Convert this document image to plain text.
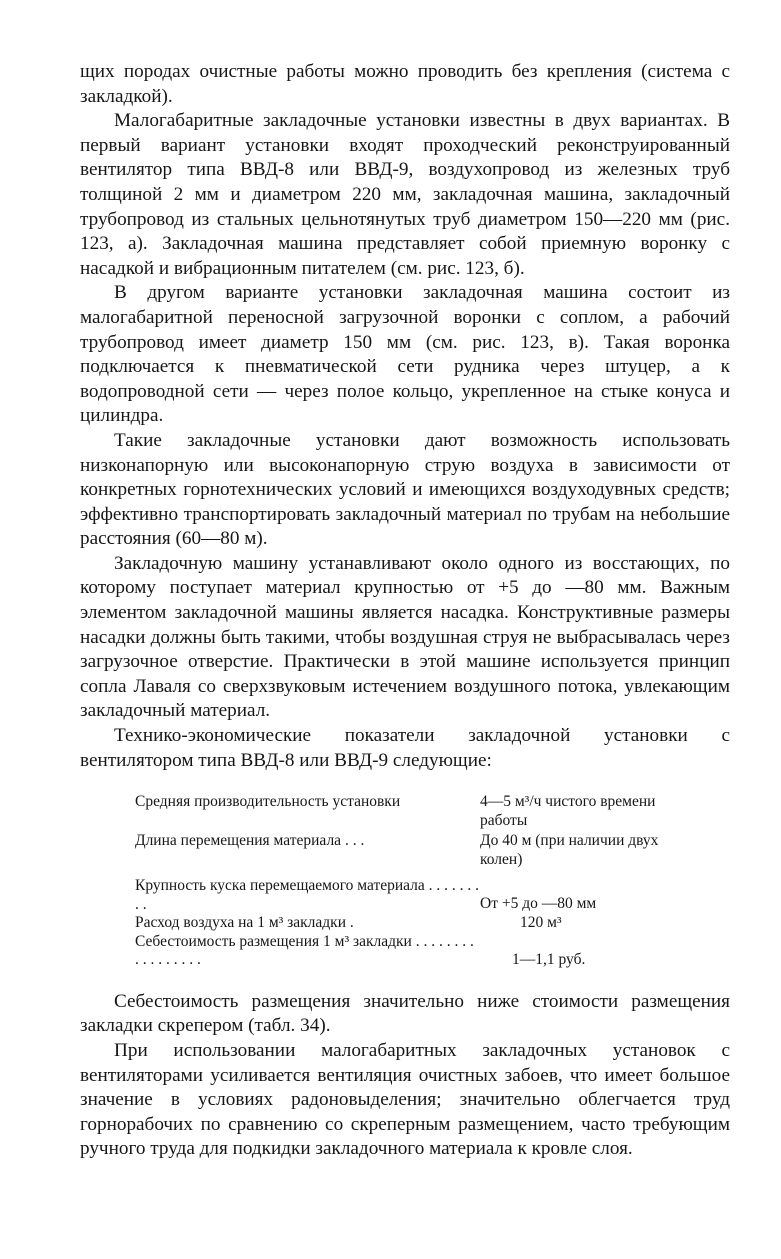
щих породах очистные работы можно проводить без крепления (система с закладкой).

Малогабаритные закладочные установки известны в двух вариантах. В первый вариант установки входят проходческий реконструированный вентилятор типа ВВД-8 или ВВД-9, воздухопровод из железных труб толщиной 2 мм и диаметром 220 мм, закладочная машина, закладочный трубопровод из стальных цельнотянутых труб диаметром 150—220 мм (рис. 123, а). Закладочная машина представляет собой приемную воронку с насадкой и вибрационным питателем (см. рис. 123, б).

В другом варианте установки закладочная машина состоит из малогабаритной переносной загрузочной воронки с соплом, а рабочий трубопровод имеет диаметр 150 мм (см. рис. 123, в). Такая воронка подключается к пневматической сети рудника через штуцер, а к водопроводной сети — через полое кольцо, укрепленное на стыке конуса и цилиндра.

Такие закладочные установки дают возможность использовать низконапорную или высоконапорную струю воздуха в зависимости от конкретных горнотехнических условий и имеющихся воздуходувных средств; эффективно транспортировать закладочный материал по трубам на небольшие расстояния (60—80 м).

Закладочную машину устанавливают около одного из восстающих, по которому поступает материал крупностью от +5 до —80 мм. Важным элементом закладочной машины является насадка. Конструктивные размеры насадки должны быть такими, чтобы воздушная струя не выбрасывалась через загрузочное отверстие. Практически в этой машине используется принцип сопла Лаваля со сверхзвуковым истечением воздушного потока, увлекающим закладочный материал.

Технико-экономические показатели закладочной установки с вентилятором типа ВВД-8 или ВВД-9 следующие:

Средняя производительность установки	4—5 м³/ч чистого времени работы
Длина перемещения материала . . .	До 40 м (при наличии двух колен)
Крупность куска перемещаемого материала . . . . . . . . .	От +5 до —80 мм
Расход воздуха на 1 м³ закладки .	120 м³
Себестоимость размещения 1 м³ закладки . . . . . . . . . . . . . . . . .	1—1,1 руб.

Себестоимость размещения значительно ниже стоимости размещения закладки скрепером (табл. 34).

При использовании малогабаритных закладочных установок с вентиляторами усиливается вентиляция очистных забоев, что имеет большое значение в условиях радоновыделения; значительно облегчается труд горнорабочих по сравнению со скреперным размещением, часто требующим ручного труда для подкидки закладочного материала к кровле слоя.
